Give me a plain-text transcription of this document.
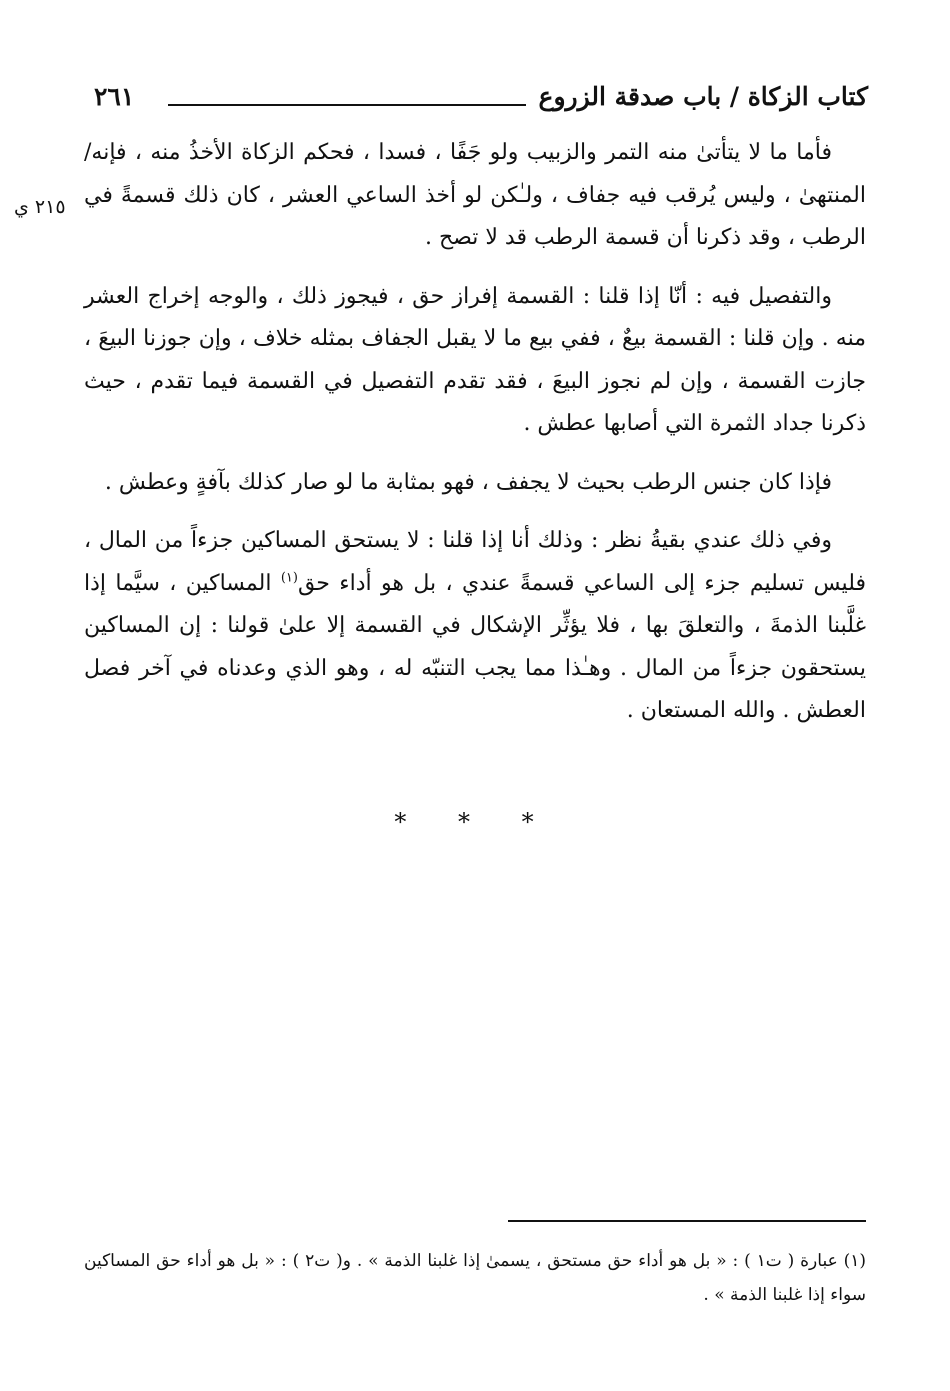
كتاب الزكاة / باب صدقة الزروع
٢٦١
٢١٥ ي

فأما ما لا يتأتىٰ منه التمر والزبيب ولو جَفًا ، فسدا ، فحكم الزكاة الأخذُ منه ، فإنه/ المنتهىٰ ، وليس يُرقب فيه جفاف ، ولـٰكن لو أخذ الساعي العشر ، كان ذلك قسمةً في الرطب ، وقد ذكرنا أن قسمة الرطب قد لا تصح .

والتفصيل فيه : أنّا إذا قلنا : القسمة إفراز حق ، فيجوز ذلك ، والوجه إخراج العشر منه . وإن قلنا : القسمة بيعٌ ، ففي بيع ما لا يقبل الجفاف بمثله خلاف ، وإن جوزنا البيعَ ، جازت القسمة ، وإن لم نجوز البيعَ ، فقد تقدم التفصيل في القسمة فيما تقدم ، حيث ذكرنا جداد الثمرة التي أصابها عطش .

فإذا كان جنس الرطب بحيث لا يجفف ، فهو بمثابة ما لو صار كذلك بآفةٍ وعطش .

وفي ذلك عندي بقيةُ نظر : وذلك أنا إذا قلنا : لا يستحق المساكين جزءاً من المال ، فليس تسليم جزء إلى الساعي قسمةً عندي ، بل هو أداء حق$^{(١)}$ المساكين ، سيَّما إذا غلَّبنا الذمةَ ، والتعلقَ بها ، فلا يؤثِّر الإشكال في القسمة إلا علىٰ قولنا : إن المساكين يستحقون جزءاً من المال . وهـٰذا مما يجب التنبّه له ، وهو الذي وعدناه في آخر فصل العطش . والله المستعان .

* * *

(١) عبارة ( ت١ ) : « بل هو أداء حق مستحق ، يسمىٰ إذا غلبنا الذمة » . و( ت٢ ) : « بل هو أداء حق المساكين سواء إذا غلبنا الذمة » .
